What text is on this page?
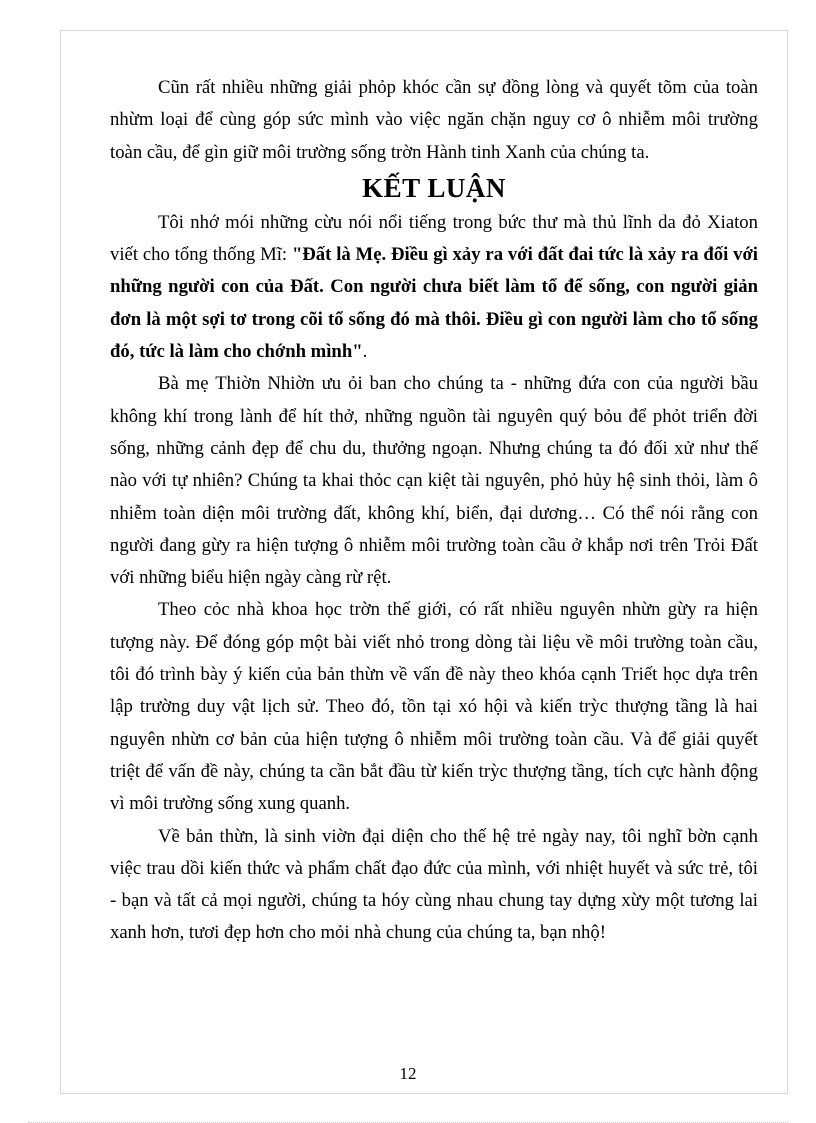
Cũn rất nhiều những giải phỏp khóc cần sự đồng lòng và quyết tõm của toàn nhừm loại để cùng góp sức mình vào việc ngăn chặn nguy cơ ô nhiễm môi trường toàn cầu, để gìn giữ môi trường sống trờn Hành tinh Xanh của chúng ta.

KẾT LUẬN

Tôi nhớ mói những cừu nói nổi tiếng trong bức thư mà thủ lĩnh da đỏ Xiaton viết cho tổng thống Mĩ: "Đất là Mẹ. Điều gì xảy ra với đất đai tức là xảy ra đối với những người con của Đất. Con người chưa biết làm tổ để sống, con người giản đơn là một sợi tơ trong cõi tổ sống đó mà thôi. Điều gì con người làm cho tổ sống đó, tức là làm cho chớnh mình".

Bà mẹ Thiờn Nhiờn ưu ỏi ban cho chúng ta - những đứa con của người bầu không khí trong lành để hít thở, những nguồn tài nguyên quý bỏu để phỏt triển đời sống, những cảnh đẹp để chu du, thưởng ngoạn. Nhưng chúng ta đó đối xử như thế nào với tự nhiên? Chúng ta khai thỏc cạn kiệt tài nguyên, phỏ hủy hệ sinh thỏi, làm ô nhiễm toàn diện môi trường đất, không khí, biển, đại dương… Có thể nói rằng con người đang gừy ra hiện tượng ô nhiễm môi trường toàn cầu ở khắp nơi trên Trỏi Đất với những biểu hiện ngày càng rừ rệt.

Theo cỏc nhà khoa học trờn thế giới, có rất nhiều nguyên nhừn gừy ra hiện tượng này. Để đóng góp một bài viết nhỏ trong dòng tài liệu về môi trường toàn cầu, tôi đó trình bày ý kiến của bản thừn về vấn đề này theo khóa cạnh Triết học dựa trên lập trường duy vật lịch sử. Theo đó, tồn tại xó hội và kiến trỳc thượng tầng là hai nguyên nhừn cơ bản của hiện tượng ô nhiễm môi trường toàn cầu. Và để giải quyết triệt để vấn đề này, chúng ta cần bắt đầu từ kiến trỳc thượng tầng, tích cực hành động vì môi trường sống xung quanh.

Về bản thừn, là sinh viờn đại diện cho thế hệ trẻ ngày nay, tôi nghĩ bờn cạnh việc trau dồi kiến thức và phẩm chất đạo đức của mình, với nhiệt huyết và sức trẻ, tôi - bạn và tất cả mọi người, chúng ta hóy cùng nhau chung tay dựng xừy một tương lai xanh hơn, tươi đẹp hơn cho mỏi nhà chung của chúng ta, bạn nhộ!

12
